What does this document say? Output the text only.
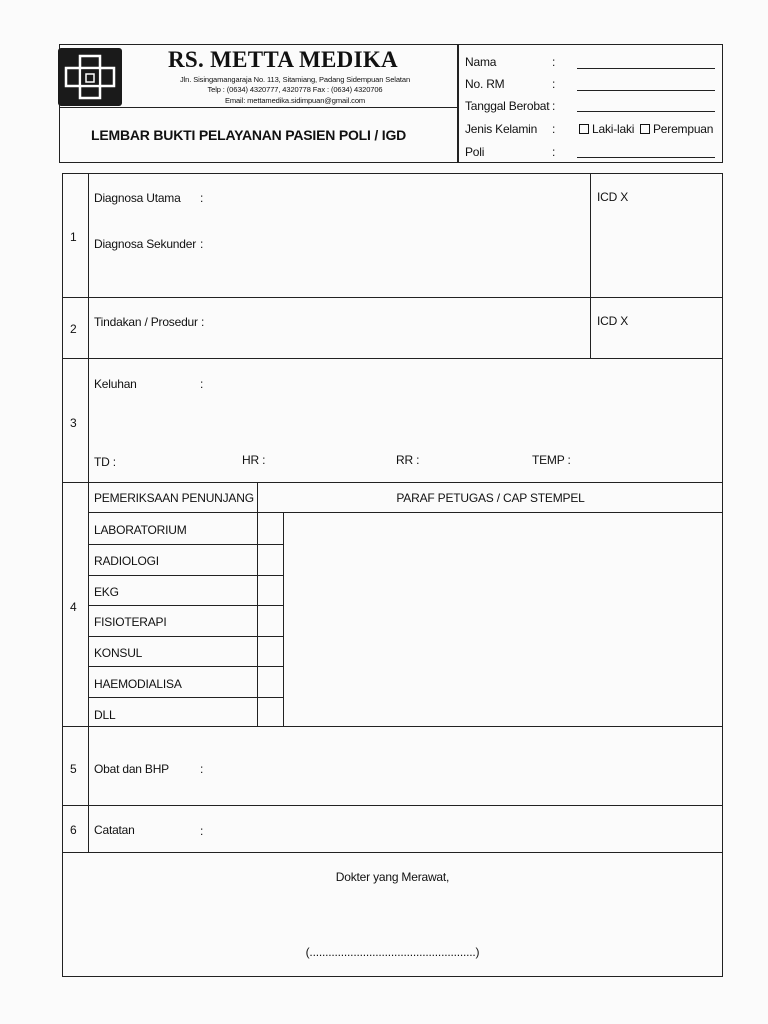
RS. METTA MEDIKA
Jln. Sisingamangaraja No. 113, Sitamiang, Padang Sidempuan Selatan
Telp : (0634) 4320777, 4320778 Fax : (0634) 4320706
Email: mettamedika.sidimpuan@gmail.com
LEMBAR BUKTI PELAYANAN PASIEN POLI / IGD
Nama	:
No. RM	:
Tanggal Berobat :
Jenis Kelamin :	Laki-laki	Perempuan
Poli	:
1
Diagnosa Utama :
Diagnosa Sekunder :
ICD X
2 Tindakan / Prosedur :	ICD X
3
Keluhan	:
TD :	HR :	RR :	TEMP :
4
PEMERIKSAAN PENUNJANG	PARAF PETUGAS / CAP STEMPEL
LABORATORIUM
RADIOLOGI
EKG
FISIOTERAPI
KONSUL
HAEMODIALISA
DLL
5 Obat dan BHP	:
6 Catatan	:
Dokter yang Merawat,
(.....................................................)
